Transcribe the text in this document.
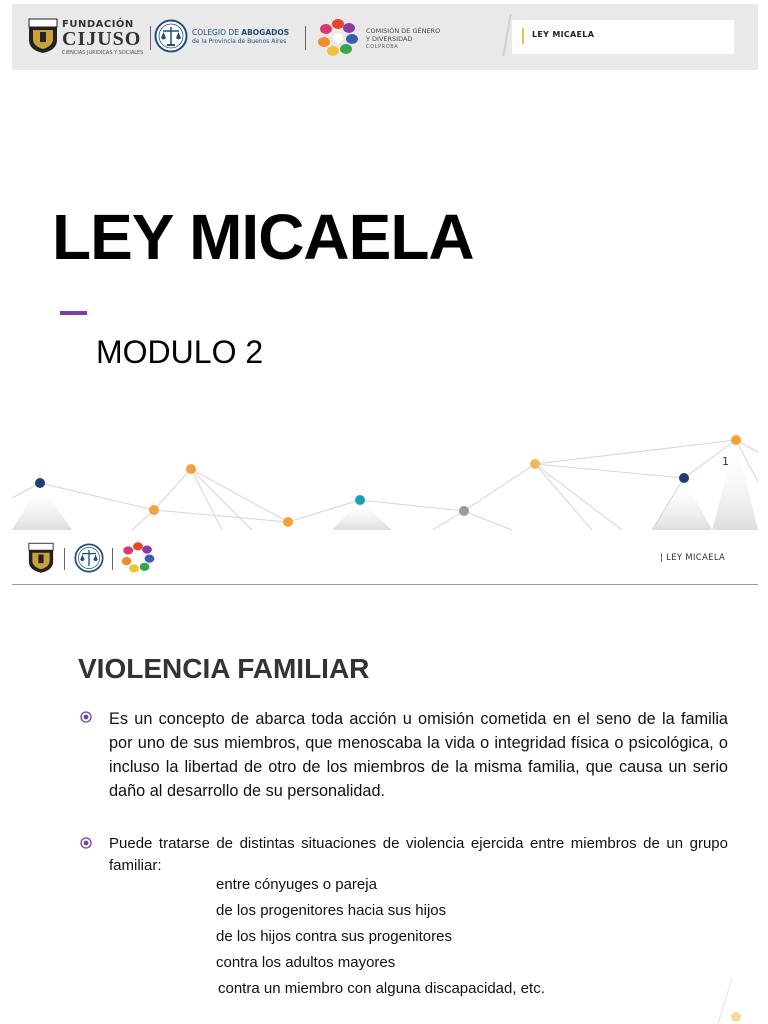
FUNDACIÓN
CIJUSO
CIENCIAS JURIDICAS Y SOCIALES
COLEGIO DE ABOGADOS
de la Provincia de Buenos Aires
COMISIÓN DE GÉNERO
Y DIVERSIDAD
COLPROBA
LEY MICAELA
LEY MICAELA
MODULO 2
1
| LEY MICAELA
VIOLENCIA FAMILIAR
Es un concepto de abarca toda acción u omisión cometida en el seno de la familia por uno de sus miembros, que menoscaba la vida o integridad física o psicológica, o incluso la libertad de otro de los miembros de la misma familia, que causa un serio daño al desarrollo de su personalidad.
Puede tratarse de distintas situaciones de violencia ejercida entre miembros de un grupo familiar:
entre cónyuges o pareja
de los progenitores hacia sus hijos
de los hijos contra sus progenitores
contra los adultos mayores
contra un miembro con alguna discapacidad, etc.
